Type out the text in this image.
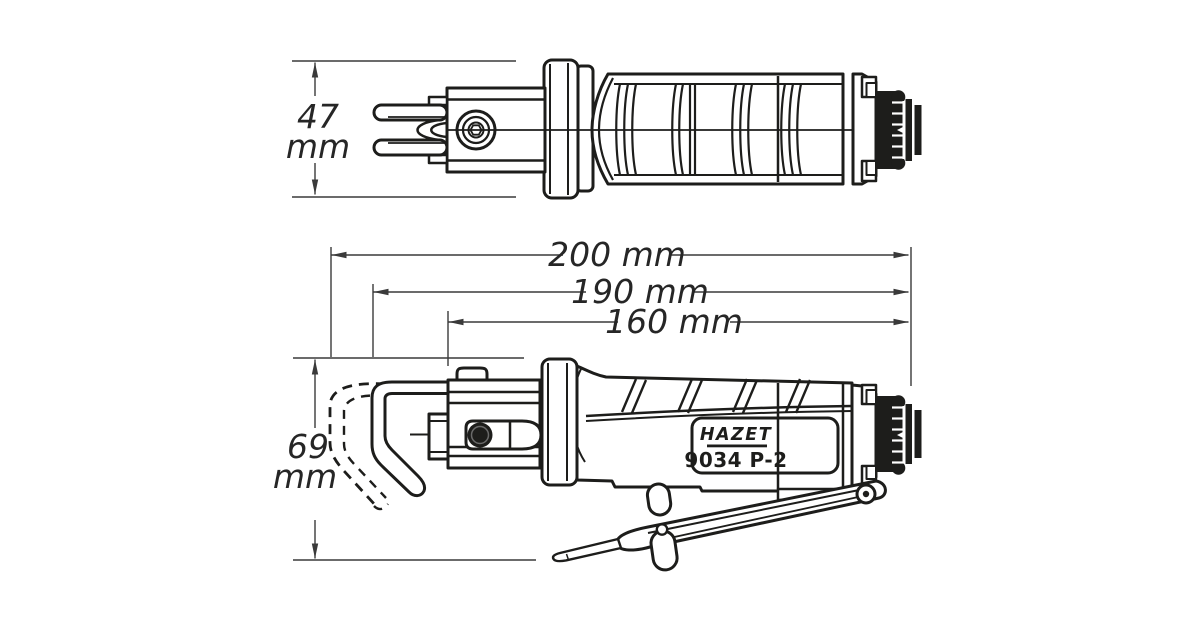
47
mm
200 mm
190 mm
160 mm
69
mm
HAZET
9034 P-2
